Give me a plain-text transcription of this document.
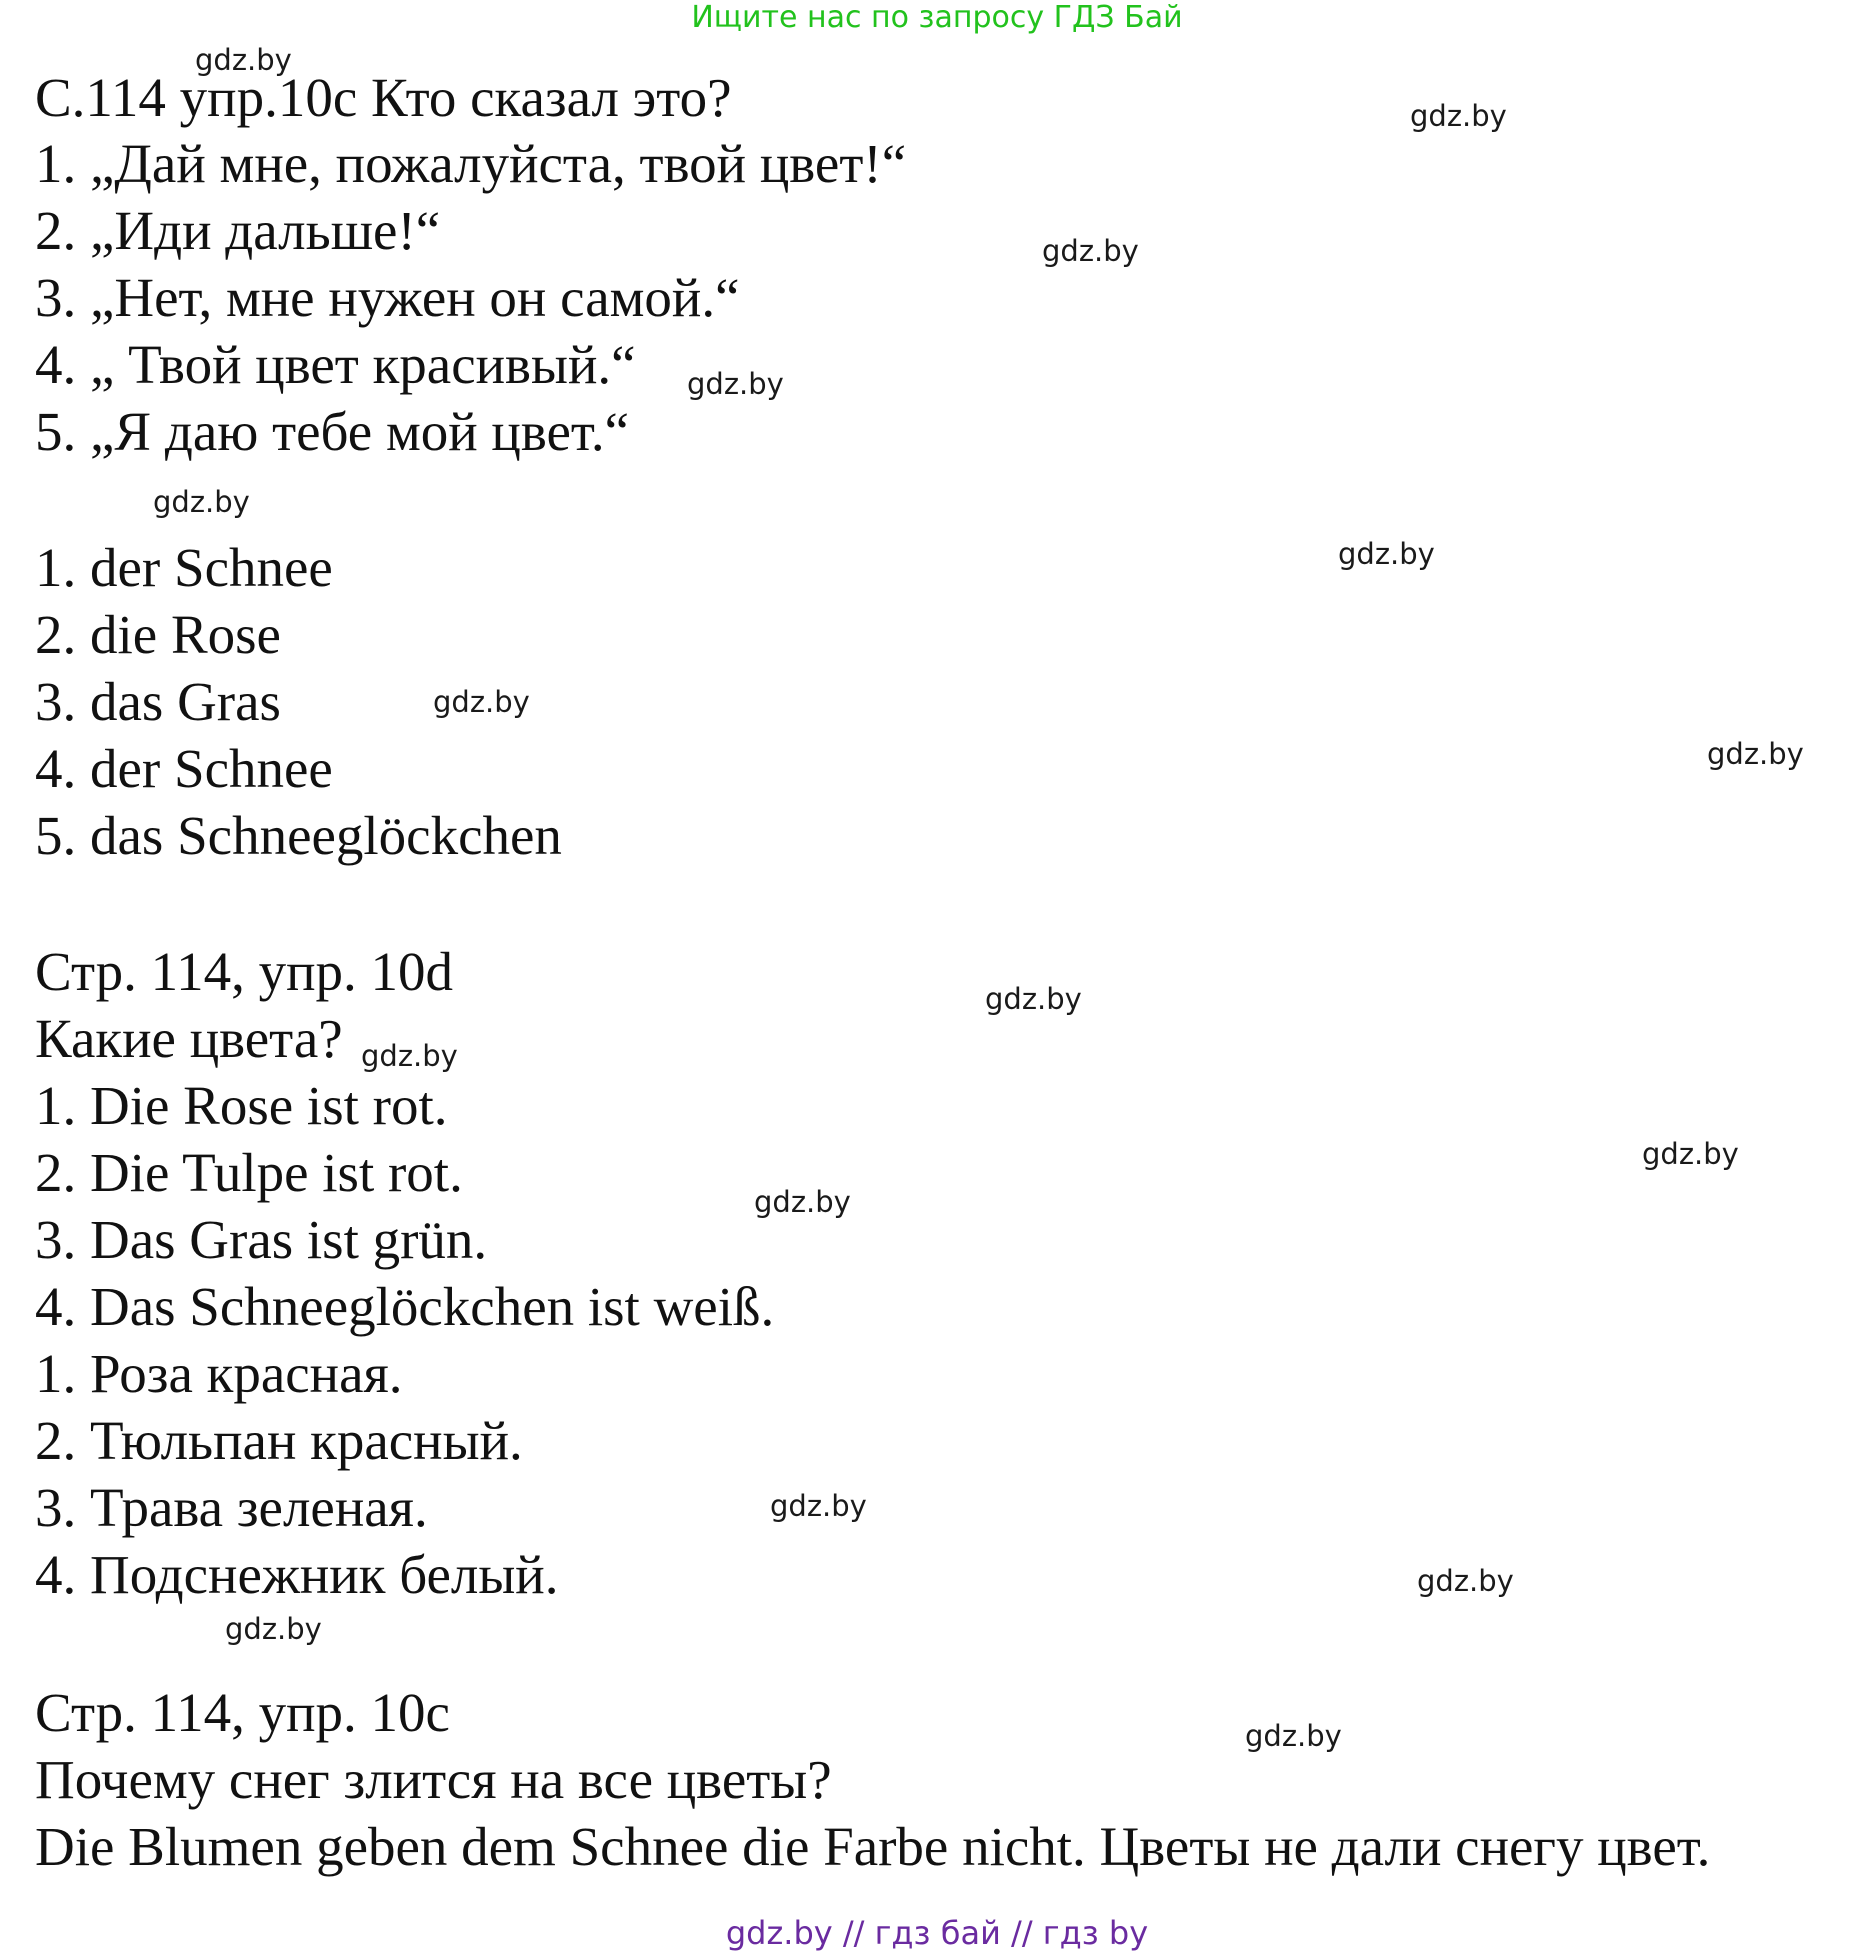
Ищите нас по запросу ГДЗ Бай
С.114 упр.10с Кто сказал это?
1. „Дай мне, пожалуйста, твой цвет!“
2. „Иди дальше!“
3. „Нет, мне нужен он самой.“
4. „ Твой цвет красивый.“
5. „Я даю тебе мой цвет.“
1. der Schnee
2. die Rose
3. das Gras
4. der Schnee
5. das Schneeglöckchen
Стр. 114, упр. 10d
Какие цвета?
1. Die Rose ist rot.
2. Die Tulpe ist rot.
3. Das Gras ist grün.
4. Das Schneeglöckchen ist weiß.
1. Роза красная.
2. Тюльпан красный.
3. Трава зеленая.
4. Подснежник белый.
Стр. 114, упр. 10с
Почему снег злится на все цветы?
Die Blumen geben dem Schnee die Farbe nicht. Цветы не дали снегу цвет.
gdz.by
gdz.by
gdz.by
gdz.by
gdz.by
gdz.by
gdz.by
gdz.by
gdz.by
gdz.by
gdz.by
gdz.by
gdz.by
gdz.by
gdz.by
gdz.by
gdz.by // гдз бай // гдз by
